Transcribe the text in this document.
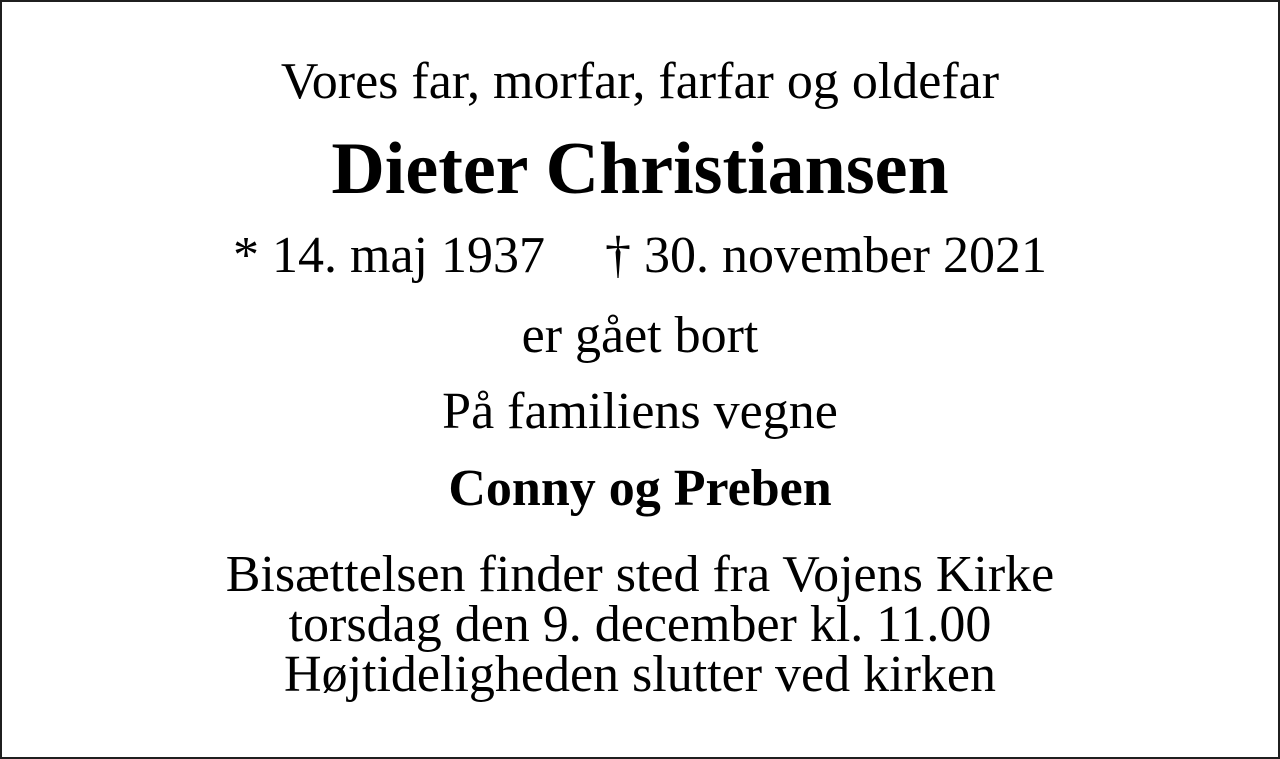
Vores far, morfar, farfar og oldefar
Dieter Christiansen
* 14. maj 1937 † 30. november 2021
er gået bort
På familiens vegne
Conny og Preben
Bisættelsen finder sted fra Vojens Kirke
torsdag den 9. december kl. 11.00
Højtideligheden slutter ved kirken
